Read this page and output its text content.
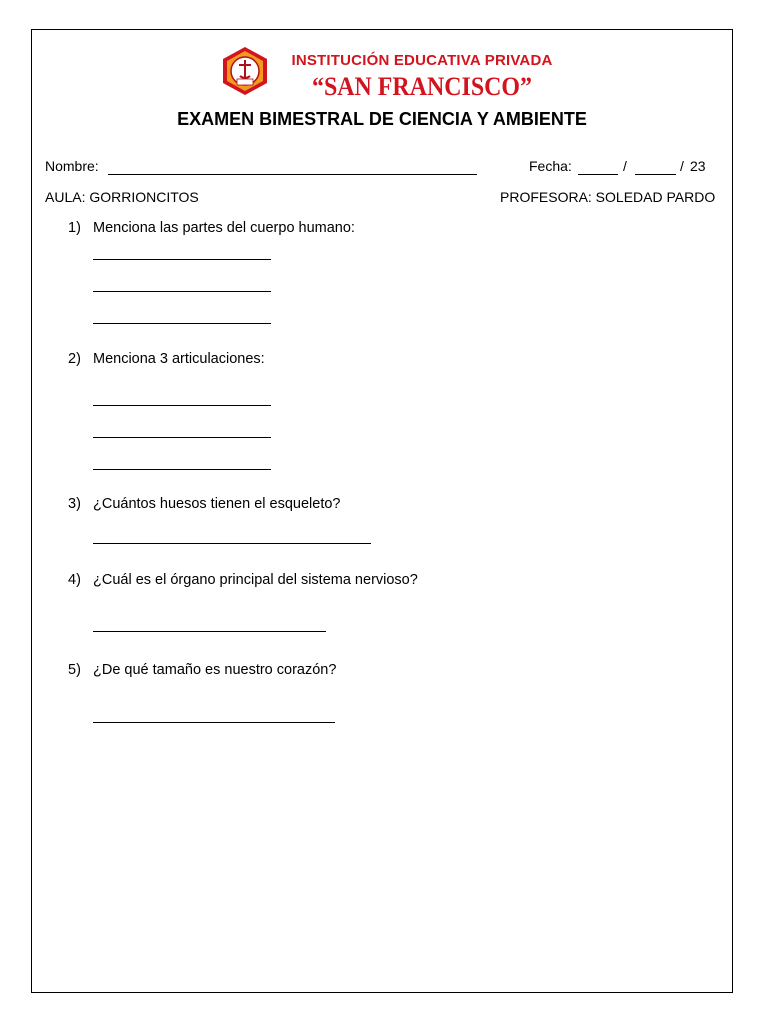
INSTITUCIÓN EDUCATIVA PRIVADA
“SAN FRANCISCO”
EXAMEN BIMESTRAL DE CIENCIA Y AMBIENTE
Nombre:	Fecha:	/	/ 23
AULA: GORRIONCITOS	PROFESORA: SOLEDAD PARDO
1) Menciona las partes del cuerpo humano:
2) Menciona 3 articulaciones:
3) ¿Cuántos huesos tienen el esqueleto?
4) ¿Cuál es el órgano principal del sistema nervioso?
5) ¿De qué tamaño es nuestro corazón?
